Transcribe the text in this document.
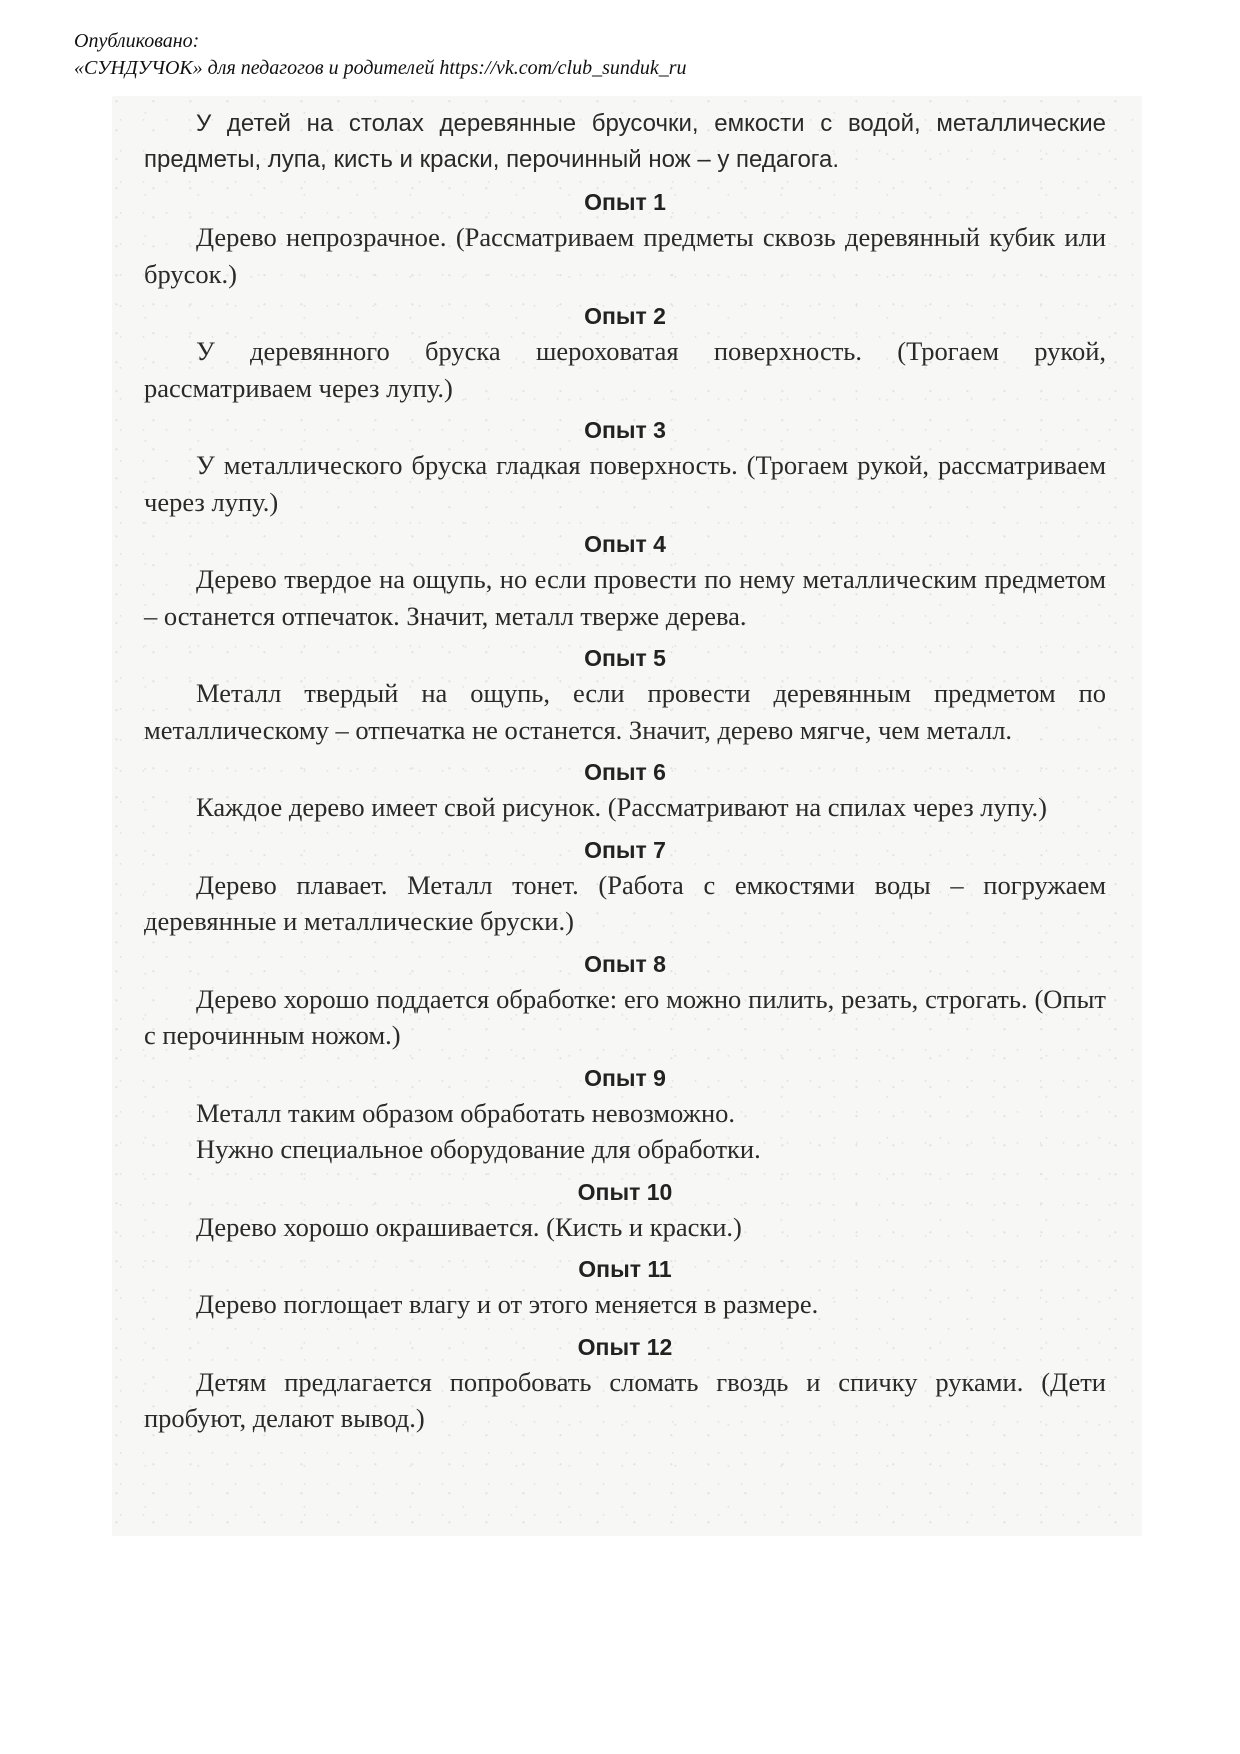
Опубликовано:
«СУНДУЧОК» для педагогов и родителей https://vk.com/club_sunduk_ru

У детей на столах деревянные брусочки, емкости с водой, металлические предметы, лупа, кисть и краски, перочинный нож – у педагога.

Опыт 1

Дерево непрозрачное. (Рассматриваем предметы сквозь деревянный кубик или брусок.)

Опыт 2

У деревянного бруска шероховатая поверхность. (Трогаем рукой, рассматриваем через лупу.)

Опыт 3

У металлического бруска гладкая поверхность. (Трогаем рукой, рассматриваем через лупу.)

Опыт 4

Дерево твердое на ощупь, но если провести по нему металлическим предметом – останется отпечаток. Значит, металл тверже дерева.

Опыт 5

Металл твердый на ощупь, если провести деревянным предметом по металлическому – отпечатка не останется. Значит, дерево мягче, чем металл.

Опыт 6

Каждое дерево имеет свой рисунок. (Рассматривают на спилах через лупу.)

Опыт 7

Дерево плавает. Металл тонет. (Работа с емкостями воды – погружаем деревянные и металлические бруски.)

Опыт 8

Дерево хорошо поддается обработке: его можно пилить, резать, строгать. (Опыт с перочинным ножом.)

Опыт 9

Металл таким образом обработать невозможно.

Нужно специальное оборудование для обработки.

Опыт 10

Дерево хорошо окрашивается. (Кисть и краски.)

Опыт 11

Дерево поглощает влагу и от этого меняется в размере.

Опыт 12

Детям предлагается попробовать сломать гвоздь и спичку руками. (Дети пробуют, делают вывод.)
